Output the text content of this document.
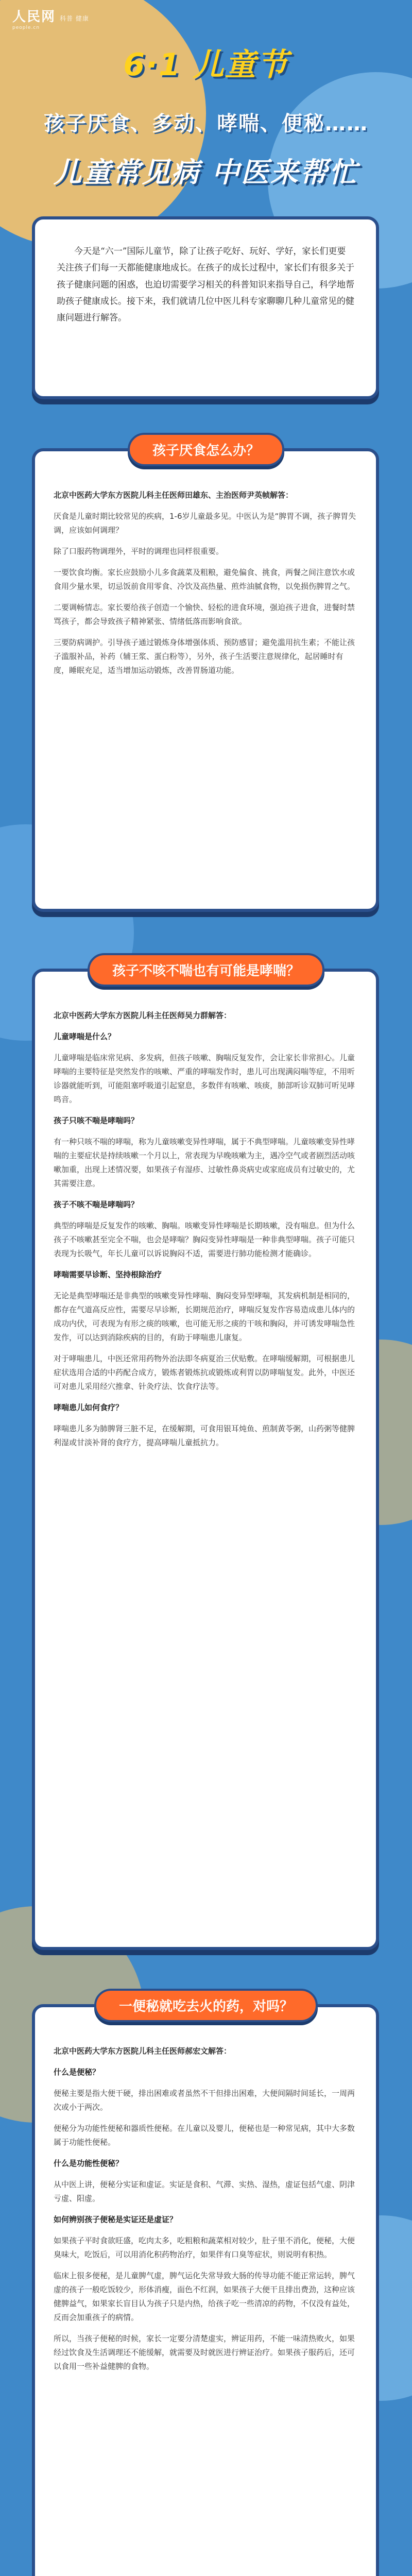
人民网
people.cn
科普 健康
6·1 儿童节
孩子厌食、多动、哮喘、便秘……
儿童常见病 中医来帮忙
今天是“六一”国际儿童节，除了让孩子吃好、玩好、学好，家长们更要关注孩子们每一天都能健康地成长。在孩子的成长过程中，家长们有很多关于孩子健康问题的困惑，也迫切需要学习相关的科普知识来指导自己，科学地帮助孩子健康成长。接下来，我们就请几位中医儿科专家聊聊几种儿童常见的健康问题进行解答。

北京中医药大学东方医院儿科主任医师田雄东、主治医师尹英帧解答：

厌食是儿童时期比较常见的疾病，1-6岁儿童最多见。中医认为是“脾胃不调，孩子脾胃失调，应该如何调理？

除了口服药物调理外，平时的调理也同样很重要。

一要饮食均衡。家长应鼓励小儿多食蔬菜及粗粮，避免偏食、挑食，两餐之间注意饮水或食用少量水果，切忌饭前食用零食、冷饮及高热量、煎炸油腻食物，以免损伤脾胃之气。

二要调畅情志。家长要给孩子创造一个愉快、轻松的进食环境，强迫孩子进食，进餐时禁骂孩子，都会导致孩子精神紧张、情绪低落而影响食欲。

三要防病调护。引导孩子通过锻炼身体增强体质、预防感冒；避免滥用抗生素；不能让孩子滥服补品，补药（辅王浆、蛋白粉等），另外，孩子生活要注意规律化，起居睡时有度，睡眠充足，适当增加运动锻炼，改善胃肠道功能。

孩子厌食怎么办？

北京中医药大学东方医院儿科主任医师吴力群解答：

儿童哮喘是什么？

儿童哮喘是临床常见病、多发病，但孩子咳嗽、胸喘反复发作，会让家长非常担心。儿童哮喘的主要特征是突然发作的咳嗽、严重的哮喘发作时，患儿可出现满闷喘等症，不用听诊器就能听到，可能阻塞呼吸道引起窒息，多数伴有咳嗽、咳痰，肺部听诊双肺可听见哮鸣音。

孩子只咳不喘是哮喘吗？

有一种只咳不喘的哮喘，称为儿童咳嗽变异性哮喘，属于不典型哮喘。儿童咳嗽变异性哮喘的主要症状是持续咳嗽一个月以上，常表现为早晚咳嗽为主，遇冷空气或者剧烈活动咳嗽加重，出现上述情况要，如果孩子有湿疹、过敏性鼻炎病史或家庭成员有过敏史的，尤其需要注意。

孩子不咳不喘是哮喘吗？

典型的哮喘是反复发作的咳嗽、胸喘。咳嗽变异性哮喘是长期咳嗽，没有喘息。但为什么孩子不咳嗽甚至完全不喘，也会是哮喘？胸闷变异性哮喘是一种非典型哮喘。孩子可能只表现为长吸气，年长儿童可以诉说胸闷不适，需要进行肺功能检测才能确诊。

哮喘需要早诊断、坚持根除治疗

无论是典型哮喘还是非典型的咳嗽变异性哮喘、胸闷变异型哮喘，其发病机制是相同的，都存在气道高反应性，需要尽早诊断，长期规范治疗，哮喘反复发作容易造成患儿体内的成功内伏，可表现为有形之痰的咳嗽，也可能无形之痰的干咳和胸闷，并可诱发哮喘急性发作，可以达到消除疾病的目的，有助于哮喘患儿康复。

对于哮喘患儿，中医还常用药物外治法即冬病夏治三伏贴敷。在哮喘缓解期，可根据患儿症状选用合适的中药配合成方，锻炼者锻炼抗或锻炼或利胃以防哮喘复发。此外，中医还可对患儿采用经穴推拿、针灸疗法、饮食疗法等。

哮喘患儿如何食疗？

哮喘患儿多为肺脾肾三脏不足，在缓解期，可食用银耳炖鱼、煎制黄苓粥，山药粥等健脾利湿或甘淡补肾的食疗方，提高哮喘儿童抵抗力。

孩子不咳不喘也有可能是哮喘？

北京中医药大学东方医院儿科主任医师郝宏文解答：

什么是便秘？

便秘主要是指大便干硬，排出困难或者虽然不干但排出困难，大便间隔时间延长，一周两次或小于两次。

便秘分为功能性便秘和器质性便秘。在儿童以及婴儿，便秘也是一种常见病，其中大多数属于功能性便秘。

什么是功能性便秘？

从中医上讲，便秘分实证和虚证。实证是食积、气滞、实热、湿热，虚证包括气虚、阴津亏虚、阳虚。

如何辨别孩子便秘是实证还是虚证？

如果孩子平时食欲旺盛，吃肉太多，吃粗粮和蔬菜相对较少，肚子里不消化，便秘，大便臭味大，吃饭后，可以用消化积药物治疗，如果伴有口臭等症状，则说明有积热。

临床上很多便秘，是儿童脾气虚，脾气运化失常导致大肠的传导功能不能正常运转，脾气虚的孩子一般吃饭较少，形体消瘦，面色不红润，如果孩子大便干且排出费劲，这种应该健脾益气，如果家长盲目认为孩子只是内热，给孩子吃一些清凉的药物，不仅没有益处，反而会加重孩子的病情。

所以，当孩子便秘的时候，家长一定要分清楚虚实，辨证用药，不能一味清热败火，如果经过饮食及生活调理还不能缓解，就需要及时就医进行辨证治疗。如果孩子服药后，还可以食用一些补益健脾的食物。

一便秘就吃去火的药，对吗？
